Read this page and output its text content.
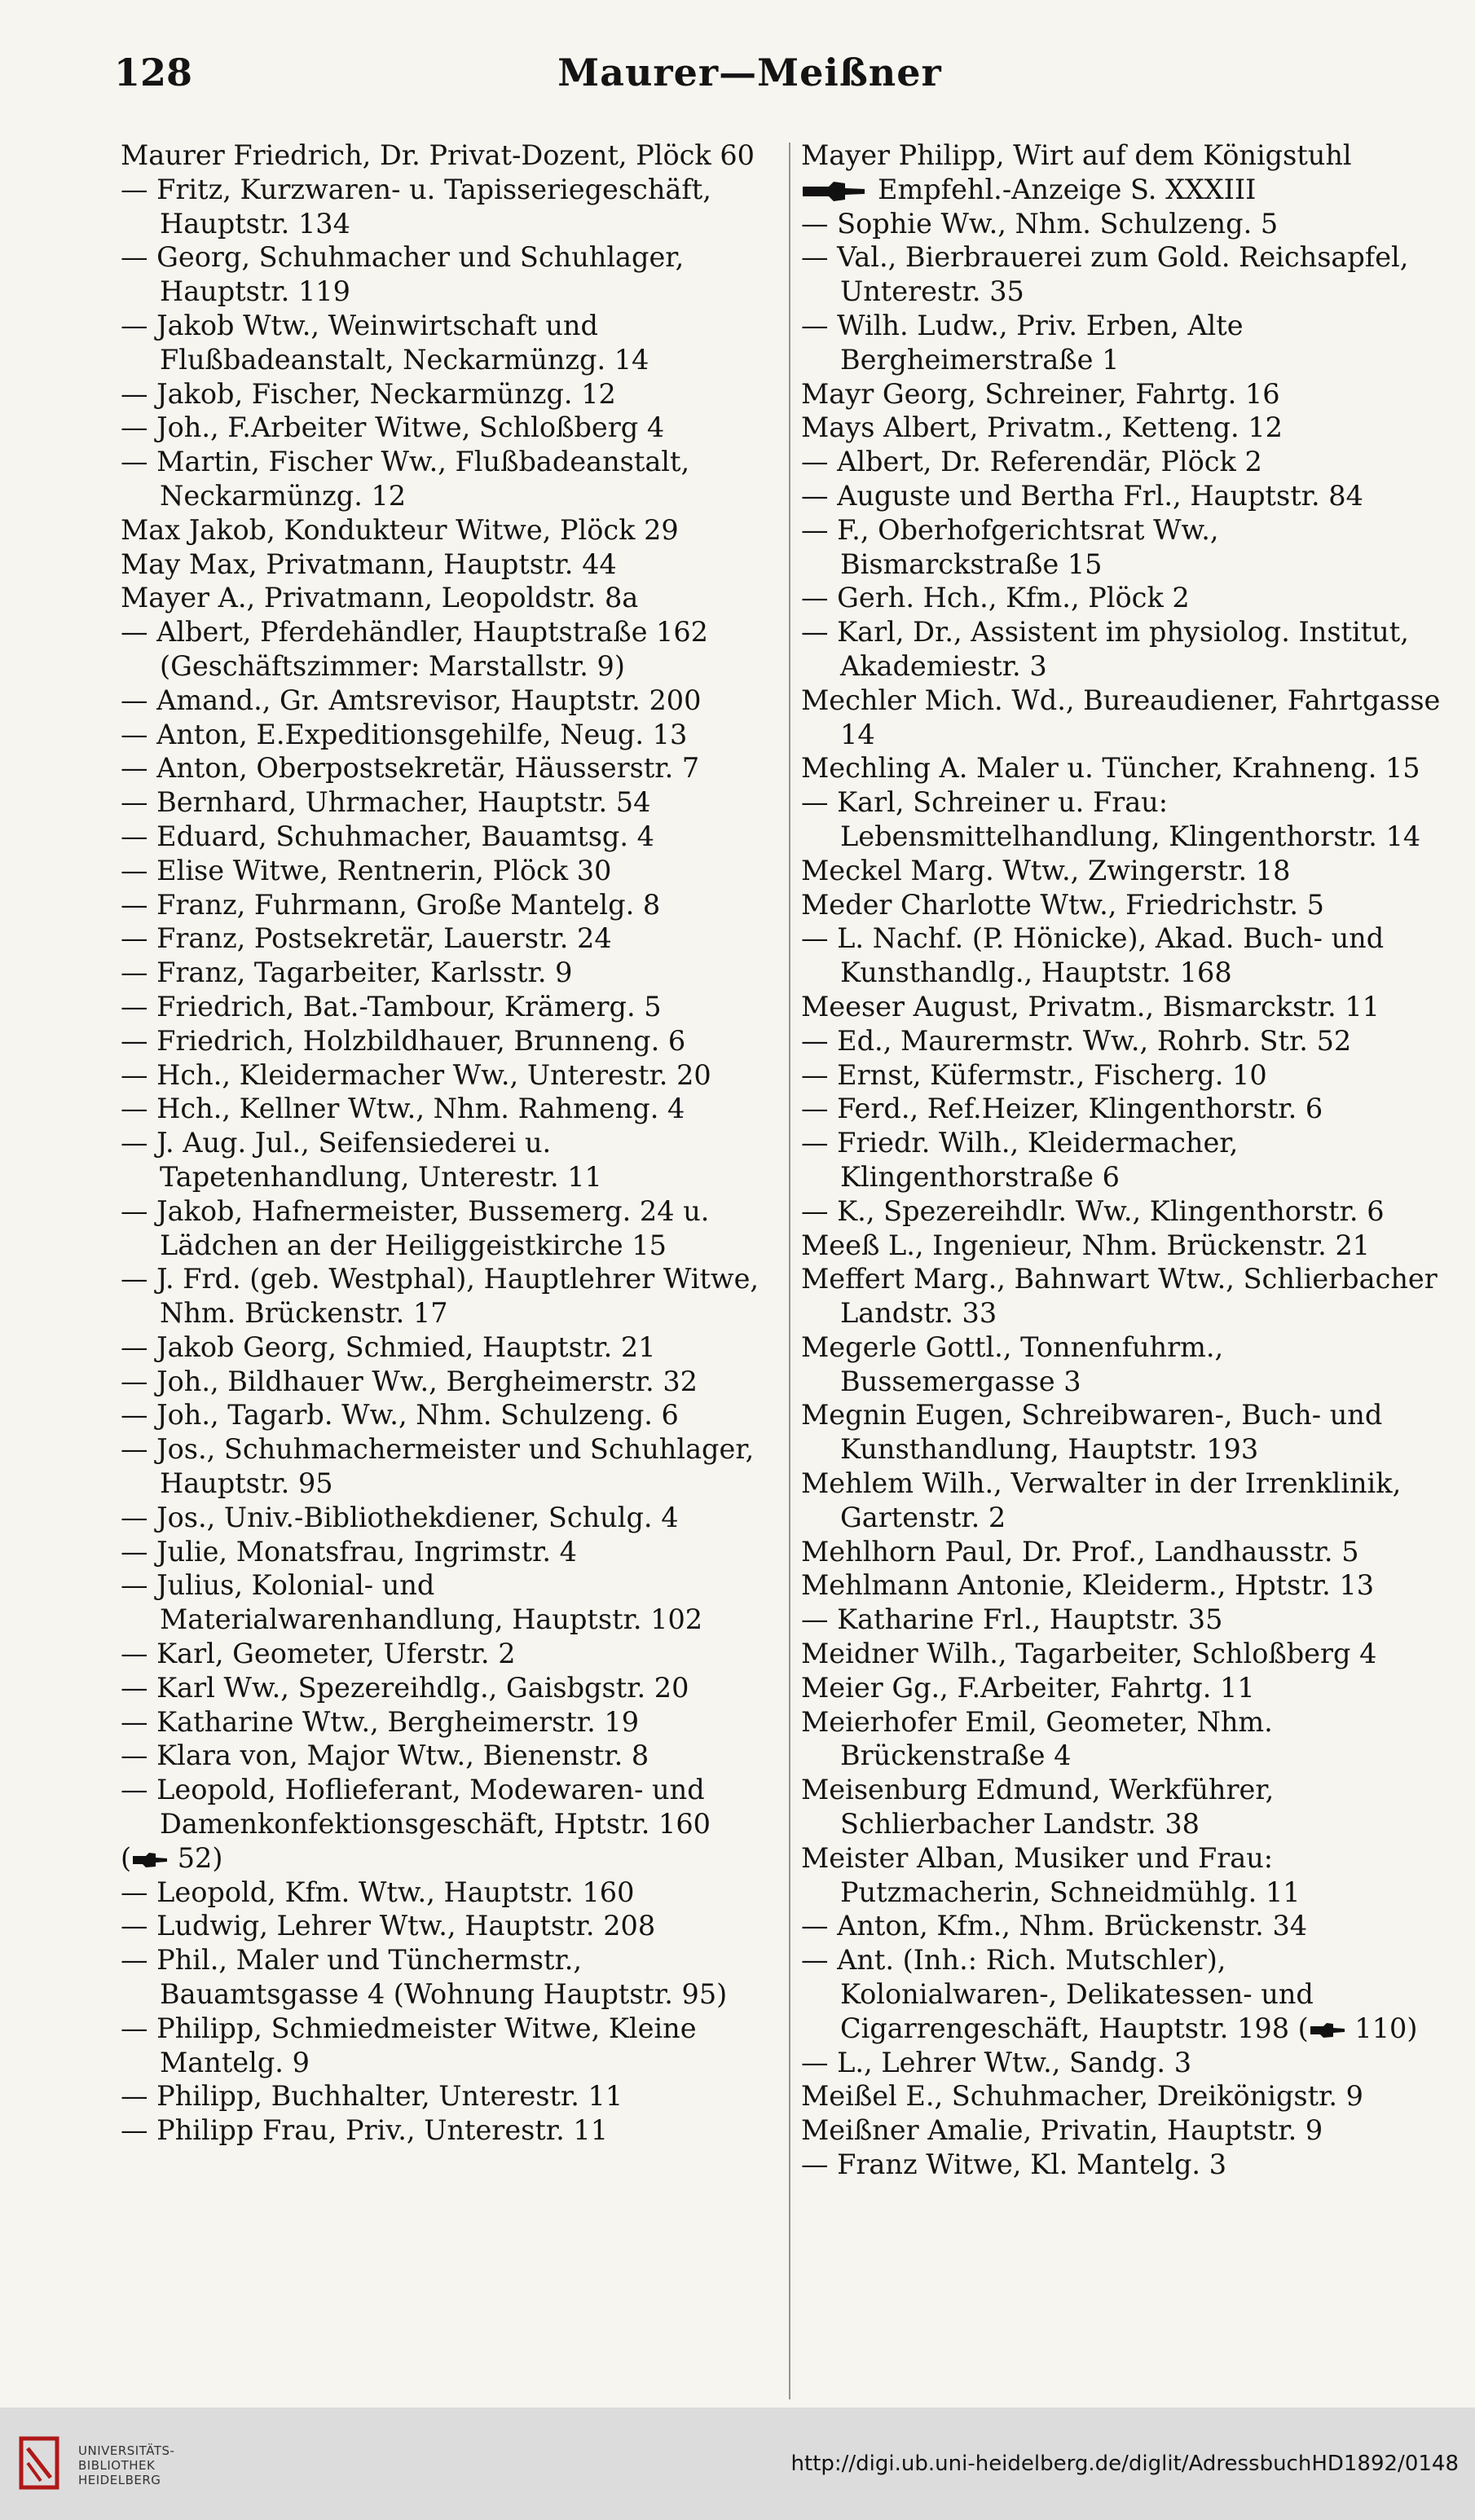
128	Maurer—Meißner
Maurer Friedrich, Dr. Privat-Dozent, Plöck 60
— Fritz, Kurzwaren- u. Tapisseriegeschäft, Hauptstr. 134
— Georg, Schuhmacher und Schuhlager, Hauptstr. 119
— Jakob Wtw., Weinwirtschaft und Flußbadeanstalt, Neckarmünzg. 14
— Jakob, Fischer, Neckarmünzg. 12
— Joh., F.Arbeiter Witwe, Schloßberg 4
— Martin, Fischer Ww., Flußbadeanstalt, Neckarmünzg. 12
Max Jakob, Kondukteur Witwe, Plöck 29
May Max, Privatmann, Hauptstr. 44
Mayer A., Privatmann, Leopoldstr. 8a
— Albert, Pferdehändler, Hauptstraße 162 (Geschäftszimmer: Marstallstr. 9)
— Amand., Gr. Amtsrevisor, Hauptstr. 200
— Anton, E.Expeditionsgehilfe, Neug. 13
— Anton, Oberpostsekretär, Häusserstr. 7
— Bernhard, Uhrmacher, Hauptstr. 54
— Eduard, Schuhmacher, Bauamtsg. 4
— Elise Witwe, Rentnerin, Plöck 30
— Franz, Fuhrmann, Große Mantelg. 8
— Franz, Postsekretär, Lauerstr. 24
— Franz, Tagarbeiter, Karlsstr. 9
— Friedrich, Bat.-Tambour, Krämerg. 5
— Friedrich, Holzbildhauer, Brunneng. 6
— Hch., Kleidermacher Ww., Unterestr. 20
— Hch., Kellner Wtw., Nhm. Rahmeng. 4
— J. Aug. Jul., Seifensiederei u. Tapetenhandlung, Unterestr. 11
— Jakob, Hafnermeister, Bussemerg. 24 u. Lädchen an der Heiliggeistkirche 15
— J. Frd. (geb. Westphal), Hauptlehrer Witwe, Nhm. Brückenstr. 17
— Jakob Georg, Schmied, Hauptstr. 21
— Joh., Bildhauer Ww., Bergheimerstr. 32
— Joh., Tagarb. Ww., Nhm. Schulzeng. 6
— Jos., Schuhmachermeister und Schuhlager, Hauptstr. 95
— Jos., Univ.-Bibliothekdiener, Schulg. 4
— Julie, Monatsfrau, Ingrimstr. 4
— Julius, Kolonial- und Materialwarenhandlung, Hauptstr. 102
— Karl, Geometer, Uferstr. 2
— Karl Ww., Spezereihdlg., Gaisbgstr. 20
— Katharine Wtw., Bergheimerstr. 19
— Klara von, Major Wtw., Bienenstr. 8
— Leopold, Hoflieferant, Modewaren- und Damenkonfektionsgeschäft, Hptstr. 160
( 52)
— Leopold, Kfm. Wtw., Hauptstr. 160
— Ludwig, Lehrer Wtw., Hauptstr. 208
— Phil., Maler und Tünchermstr., Bauamtsgasse 4 (Wohnung Hauptstr. 95)
— Philipp, Schmiedmeister Witwe, Kleine Mantelg. 9
— Philipp, Buchhalter, Unterestr. 11
— Philipp Frau, Priv., Unterestr. 11
Mayer Philipp, Wirt auf dem Königstuhl
Empfehl.-Anzeige S. XXXIII
— Sophie Ww., Nhm. Schulzeng. 5
— Val., Bierbrauerei zum Gold. Reichsapfel, Unterestr. 35
— Wilh. Ludw., Priv. Erben, Alte Bergheimerstraße 1
Mayr Georg, Schreiner, Fahrtg. 16
Mays Albert, Privatm., Ketteng. 12
— Albert, Dr. Referendär, Plöck 2
— Auguste und Bertha Frl., Hauptstr. 84
— F., Oberhofgerichtsrat Ww., Bismarckstraße 15
— Gerh. Hch., Kfm., Plöck 2
— Karl, Dr., Assistent im physiolog. Institut, Akademiestr. 3
Mechler Mich. Wd., Bureaudiener, Fahrtgasse 14
Mechling A. Maler u. Tüncher, Krahneng. 15
— Karl, Schreiner u. Frau: Lebensmittelhandlung, Klingenthorstr. 14
Meckel Marg. Wtw., Zwingerstr. 18
Meder Charlotte Wtw., Friedrichstr. 5
— L. Nachf. (P. Hönicke), Akad. Buch- und Kunsthandlg., Hauptstr. 168
Meeser August, Privatm., Bismarckstr. 11
— Ed., Maurermstr. Ww., Rohrb. Str. 52
— Ernst, Küfermstr., Fischerg. 10
— Ferd., Ref.Heizer, Klingenthorstr. 6
— Friedr. Wilh., Kleidermacher, Klingenthorstraße 6
— K., Spezereihdlr. Ww., Klingenthorstr. 6
Meeß L., Ingenieur, Nhm. Brückenstr. 21
Meffert Marg., Bahnwart Wtw., Schlierbacher Landstr. 33
Megerle Gottl., Tonnenfuhrm., Bussemergasse 3
Megnin Eugen, Schreibwaren-, Buch- und Kunsthandlung, Hauptstr. 193
Mehlem Wilh., Verwalter in der Irrenklinik, Gartenstr. 2
Mehlhorn Paul, Dr. Prof., Landhausstr. 5
Mehlmann Antonie, Kleiderm., Hptstr. 13
— Katharine Frl., Hauptstr. 35
Meidner Wilh., Tagarbeiter, Schloßberg 4
Meier Gg., F.Arbeiter, Fahrtg. 11
Meierhofer Emil, Geometer, Nhm. Brückenstraße 4
Meisenburg Edmund, Werkführer, Schlierbacher Landstr. 38
Meister Alban, Musiker und Frau: Putzmacherin, Schneidmühlg. 11
— Anton, Kfm., Nhm. Brückenstr. 34
— Ant. (Inh.: Rich. Mutschler), Kolonialwaren-, Delikatessen- und Cigarrengeschäft, Hauptstr. 198 ( 110)
— L., Lehrer Wtw., Sandg. 3
Meißel E., Schuhmacher, Dreikönigstr. 9
Meißner Amalie, Privatin, Hauptstr. 9
— Franz Witwe, Kl. Mantelg. 3
UNIVERSITÄTS-
BIBLIOTHEK
HEIDELBERG
http://digi.ub.uni-heidelberg.de/diglit/AdressbuchHD1892/0148
